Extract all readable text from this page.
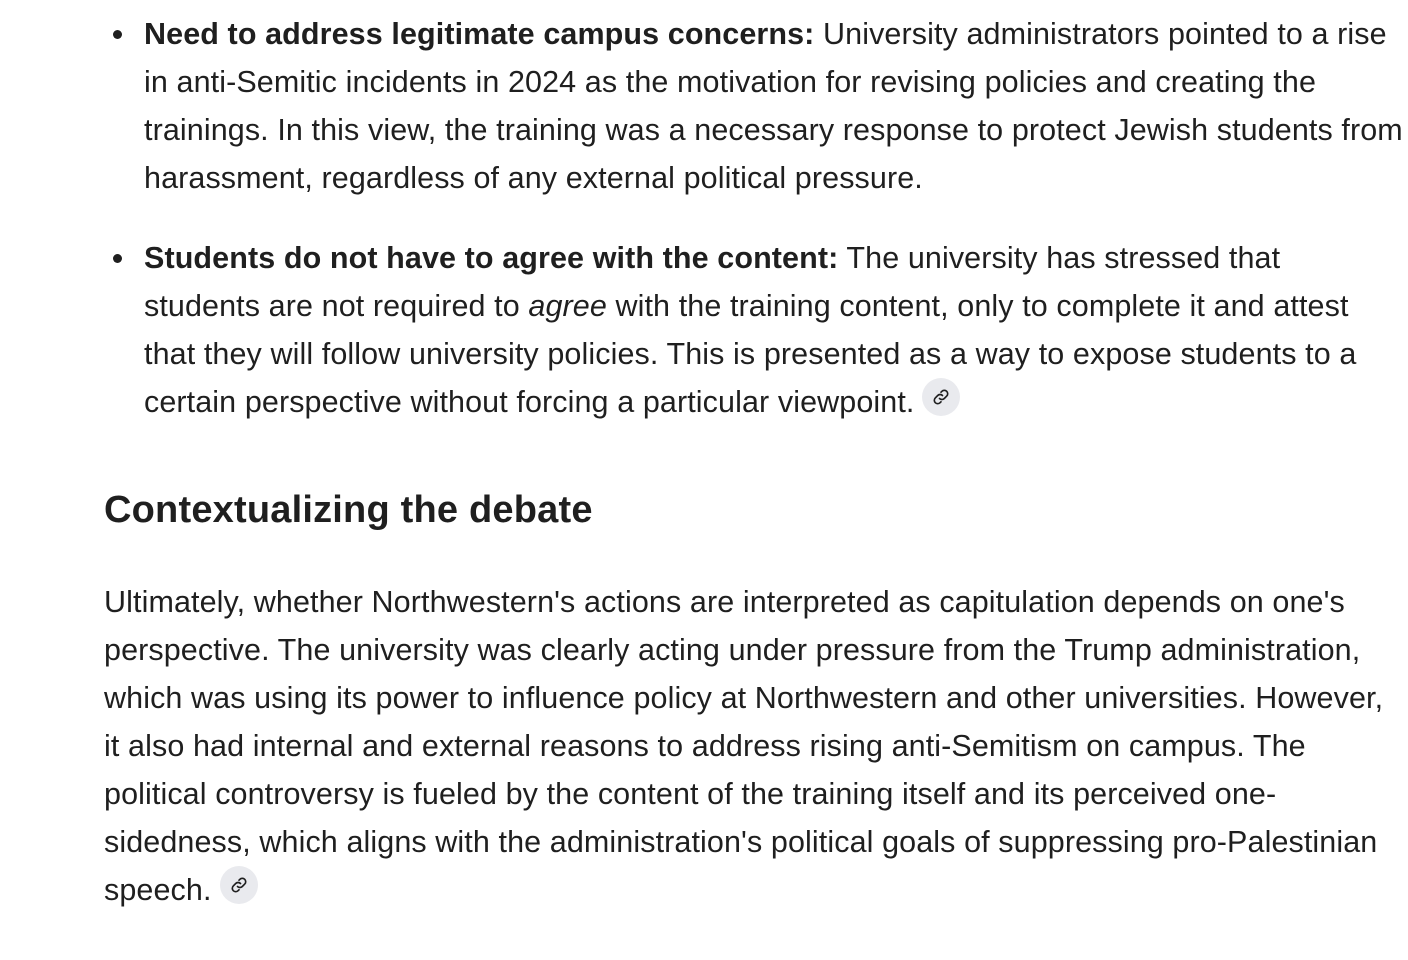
Need to address legitimate campus concerns: University administrators pointed to a rise in anti-Semitic incidents in 2024 as the motivation for revising policies and creating the trainings. In this view, the training was a necessary response to protect Jewish students from harassment, regardless of any external political pressure.
Students do not have to agree with the content: The university has stressed that students are not required to agree with the training content, only to complete it and attest that they will follow university policies. This is presented as a way to expose students to a certain perspective without forcing a particular viewpoint.
Contextualizing the debate

Ultimately, whether Northwestern's actions are interpreted as capitulation depends on one's perspective. The university was clearly acting under pressure from the Trump administration, which was using its power to influence policy at Northwestern and other universities. However, it also had internal and external reasons to address rising anti-Semitism on campus. The political controversy is fueled by the content of the training itself and its perceived one-sidedness, which aligns with the administration's political goals of suppressing pro-Palestinian speech.
